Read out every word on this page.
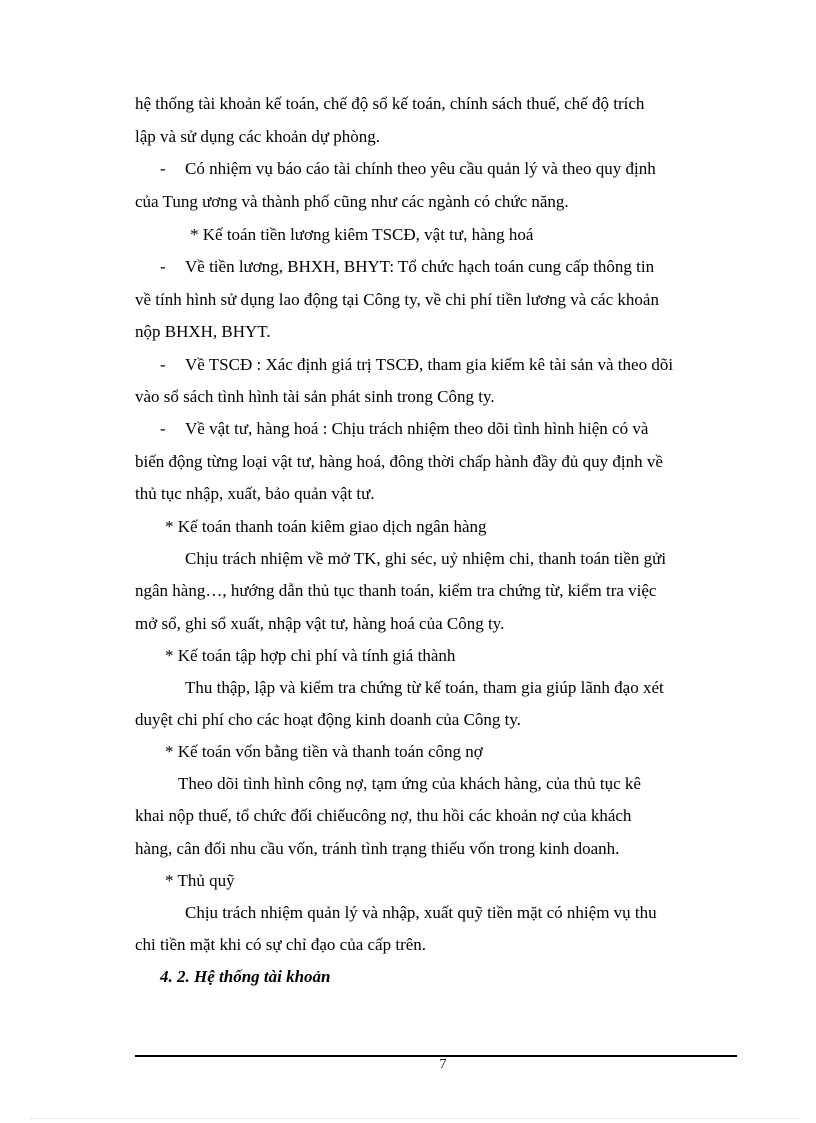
hệ thống tài khoản kế toán, chế độ sổ kế toán, chính sách thuế, chế độ trích
lập và sử dụng các khoản dự phòng.
- Có nhiệm vụ báo cáo tài chính theo yêu cầu quản lý và theo quy định
của Tung ương và thành phố cũng như các ngành có chức năng.
* Kế toán tiền lương kiêm TSCĐ, vật tư, hàng hoá
- Về tiền lương, BHXH, BHYT: Tổ chức hạch toán cung cấp thông tin
về tính hình sử dụng lao động tại Công ty, về chi phí tiền lương và các khoản
nộp BHXH, BHYT.
- Về TSCĐ : Xác định giá trị TSCĐ, tham gia kiểm kê tài sản và theo dõi
vào sổ sách tình hình tài sản phát sinh trong Công ty.
- Về vật tư, hàng hoá : Chịu trách nhiệm theo dõi tình hình hiện có và
biến động từng loại vật tư, hàng hoá, đông thời chấp hành đầy đủ quy định về
thủ tục nhập, xuất, bảo quản vật tư.
* Kế toán thanh toán kiêm giao dịch ngân hàng
Chịu trách nhiệm về mở TK, ghi séc, uỷ nhiệm chi, thanh toán tiền gửi
ngân hàng…, hướng dẫn thủ tục thanh toán, kiểm tra chứng từ, kiểm tra việc
mở sổ, ghi sổ xuất, nhập vật tư, hàng hoá của Công ty.
* Kế toán tập hợp chi phí và tính giá thành
Thu thập, lập và kiểm tra chứng từ kế toán, tham gia giúp lãnh đạo xét
duyệt chi phí cho các hoạt động kinh doanh của Công ty.
* Kế toán vốn bằng tiền và thanh toán công nợ
Theo dõi tình hình công nợ, tạm ứng của khách hàng, của thủ tục kê
khai nộp thuế, tổ chức đối chiếucông nợ, thu hồi các khoản nợ của khách
hàng, cân đối nhu cầu vốn, tránh tình trạng thiếu vốn trong kinh doanh.
* Thủ quỹ
Chịu trách nhiệm quản lý và nhập, xuất quỹ tiền mặt có nhiệm vụ thu
chi tiền mặt khi có sự chỉ đạo của cấp trên.
4. 2. Hệ thống tài khoản
7
